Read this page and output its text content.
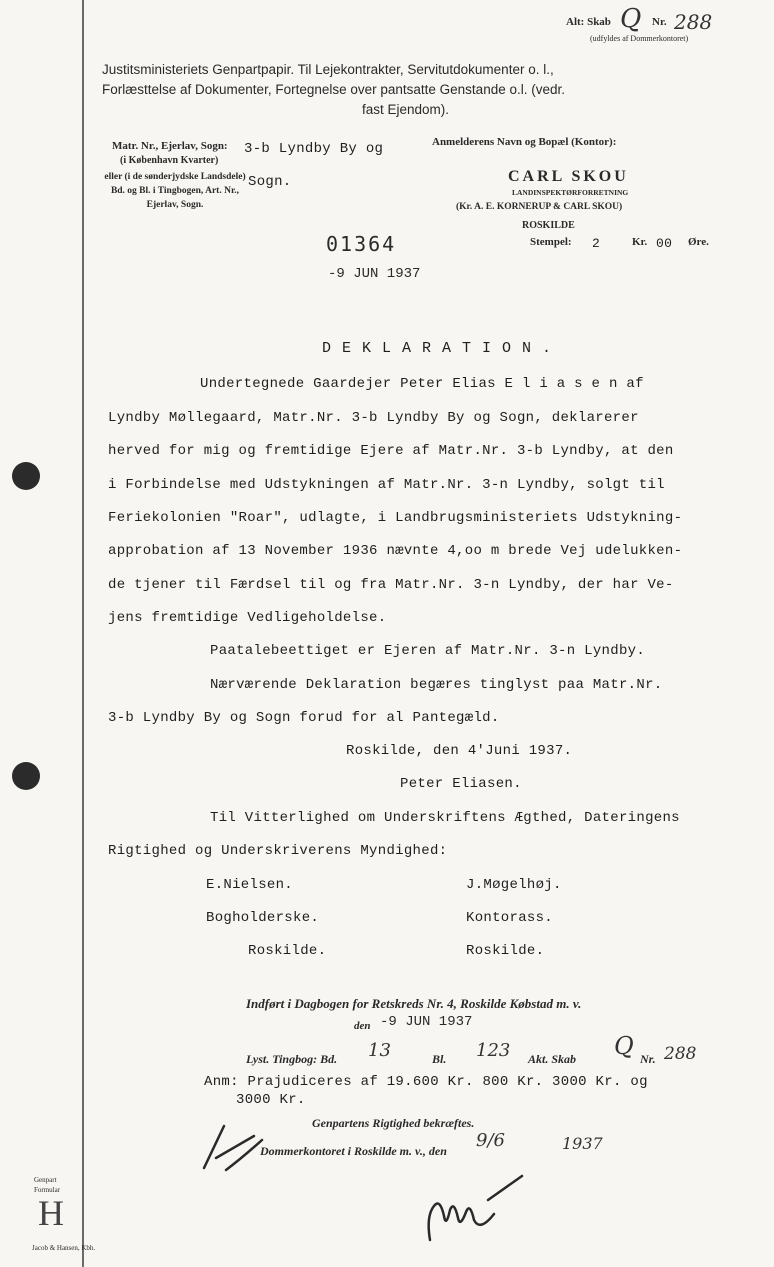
Alt: Skab Q Nr. 288
(udfyldes af Dommerkontoret)
Justitsministeriets Genpartpapir. Til Lejekontrakter, Servitutdokumenter o. l.,
Forlæsttelse af Dokumenter, Fortegnelse over pantsatte Genstande o.l. (vedr.
fast Ejendom).
Matr. Nr., Ejerlav, Sogn: 3-b Lyndby By og
(i København Kvarter)
eller (i de sønderjydske Landsdele) Bd. og Bl. i Tingbogen, Art. Nr., Ejerlav, Sogn.
Sogn.
Anmelderens Navn og Bopæl (Kontor):
CARL SKOU
LANDINSPEKTØRFORRETNING
(Kr. A. E. KORNERUP & CARL SKOU)
ROSKILDE
Stempel: 2	Kr. 00 Øre.
01364
-9 JUN 1937
D E K L A R A T I O N .
Undertegnede Gaardejer Peter Elias E l i a s e n af
Lyndby Møllegaard, Matr.Nr. 3-b Lyndby By og Sogn, deklarerer
herved for mig og fremtidige Ejere af Matr.Nr. 3-b Lyndby, at den
i Forbindelse med Udstykningen af Matr.Nr. 3-n Lyndby, solgt til
Feriekolonien "Roar", udlagte, i Landbrugsministeriets Udstykning-
approbation af 13 November 1936 nævnte 4,oo m brede Vej udelukken-
de tjener til Færdsel til og fra Matr.Nr. 3-n Lyndby, der har Ve-
jens fremtidige Vedligeholdelse.
Paatalebeettiget er Ejeren af Matr.Nr. 3-n Lyndby.
Nærværende Deklaration begæres tinglyst paa Matr.Nr.
3-b Lyndby By og Sogn forud for al Pantegæld.
Roskilde, den 4'Juni 1937.
Peter Eliasen.
Til Vitterlighed om Underskriftens Ægthed, Dateringens
Rigtighed og Underskriverens Myndighed:
E.Nielsen.
Bogholderske.
Roskilde.
J.Møgelhøj.
Kontorass.
Roskilde.
Indført i Dagbogen for Retskreds Nr. 4, Roskilde Købstad m. v.
den -9 JUN 1937
Lyst. Tingbog: Bd. 13	Bl. 123 Akt. Skab Q Nr. 288
Anm: Prajudiceres af 19.600 Kr. 800 Kr. 3000 Kr. og
3000 Kr.
Genpartens Rigtighed bekræftes.
Dommerkontoret i Roskilde m. v., den 9/6	1937
Genpart
Formular
H
Jacob & Hansen, Kbh.
